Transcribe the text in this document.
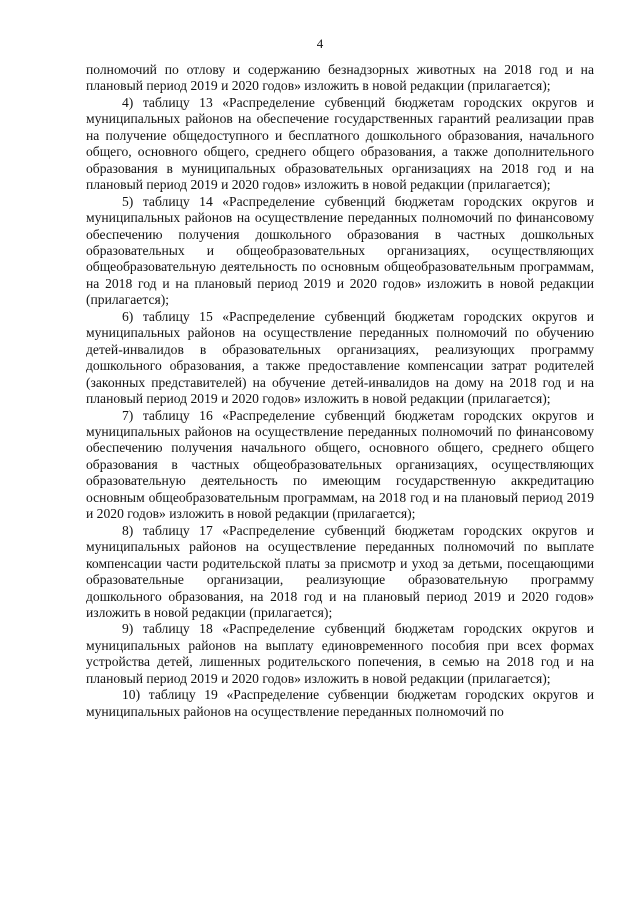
4

полномочий по отлову и содержанию безнадзорных животных на 2018 год и на плановый период 2019 и 2020 годов» изложить в новой редакции (прилагается);

4) таблицу 13 «Распределение субвенций бюджетам городских округов и муниципальных районов на обеспечение государственных гарантий реализации прав на получение общедоступного и бесплатного дошкольного образования, начального общего, основного общего, среднего общего образования, а также дополнительного образования в муниципальных образовательных организациях на 2018 год и на плановый период 2019 и 2020 годов» изложить в новой редакции (прилагается);

5) таблицу 14 «Распределение субвенций бюджетам городских округов и муниципальных районов на осуществление переданных полномочий по финансовому обеспечению получения дошкольного образования в частных дошкольных образовательных и общеобразовательных организациях, осуществляющих общеобразовательную деятельность по основным общеобразовательным программам, на 2018 год и на плановый период 2019 и 2020 годов» изложить в новой редакции (прилагается);

6) таблицу 15 «Распределение субвенций бюджетам городских округов и муниципальных районов на осуществление переданных полномочий по обучению детей-инвалидов в образовательных организациях, реализующих программу дошкольного образования, а также предоставление компенсации затрат родителей (законных представителей) на обучение детей-инвалидов на дому на 2018 год и на плановый период 2019 и 2020 годов» изложить в новой редакции (прилагается);

7) таблицу 16 «Распределение субвенций бюджетам городских округов и муниципальных районов на осуществление переданных полномочий по финансовому обеспечению получения начального общего, основного общего, среднего общего образования в частных общеобразовательных организациях, осуществляющих образовательную деятельность по имеющим государственную аккредитацию основным общеобразовательным программам, на 2018 год и на плановый период 2019 и 2020 годов» изложить в новой редакции (прилагается);

8) таблицу 17 «Распределение субвенций бюджетам городских округов и муниципальных районов на осуществление переданных полномочий по выплате компенсации части родительской платы за присмотр и уход за детьми, посещающими образовательные организации, реализующие образовательную программу дошкольного образования, на 2018 год и на плановый период 2019 и 2020 годов» изложить в новой редакции (прилагается);

9) таблицу 18 «Распределение субвенций бюджетам городских округов и муниципальных районов на выплату единовременного пособия при всех формах устройства детей, лишенных родительского попечения, в семью на 2018 год и на плановый период 2019 и 2020 годов» изложить в новой редакции (прилагается);

10) таблицу 19 «Распределение субвенции бюджетам городских округов и муниципальных районов на осуществление переданных полномочий по
